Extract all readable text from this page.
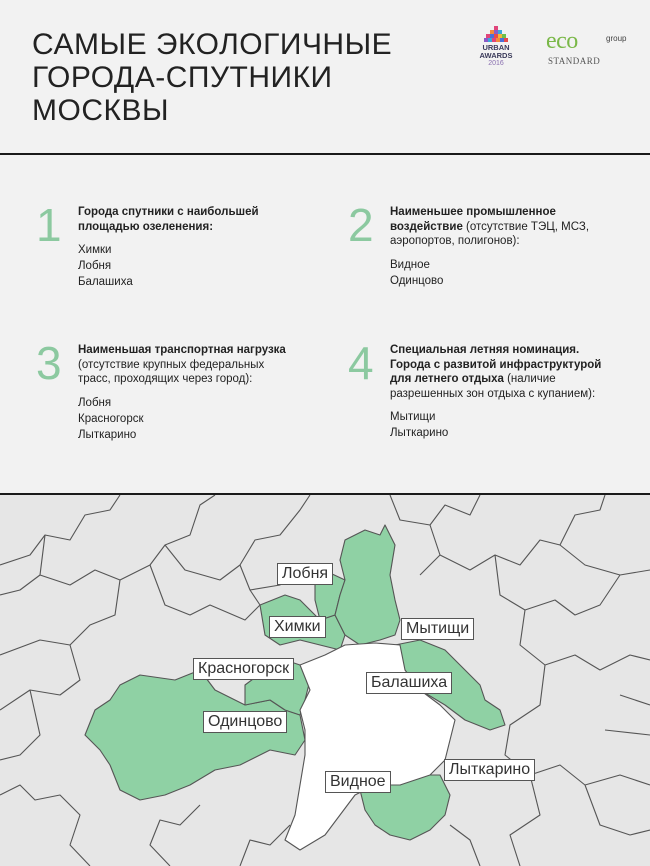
САМЫЕ ЭКОЛОГИЧНЫЕ
ГОРОДА-СПУТНИКИ
МОСКВЫ
URBAN
AWARDS
2016
eco	group
STANDARD
1 Города спутники с наибольшей площадью озеленения:
Химки
Лобня
Балашиха
2 Наименьшее промышленное воздействие (отсутствие ТЭЦ, МСЗ, аэропортов, полигонов):
Видное
Одинцово
3 Наименьшая транспортная нагрузка (отсутствие крупных федеральных трасс, проходящих через город):
Лобня
Красногорск
Лыткарино
4 Специальная летняя номинация. Города с развитой инфраструктурой для летнего отдыха (наличие разрешенных зон отдыха с купанием):
Мытищи
Лыткарино
Лобня
Химки	Мытищи
Красногорск
Балашиха
Одинцово
Видное
Лыткарино
